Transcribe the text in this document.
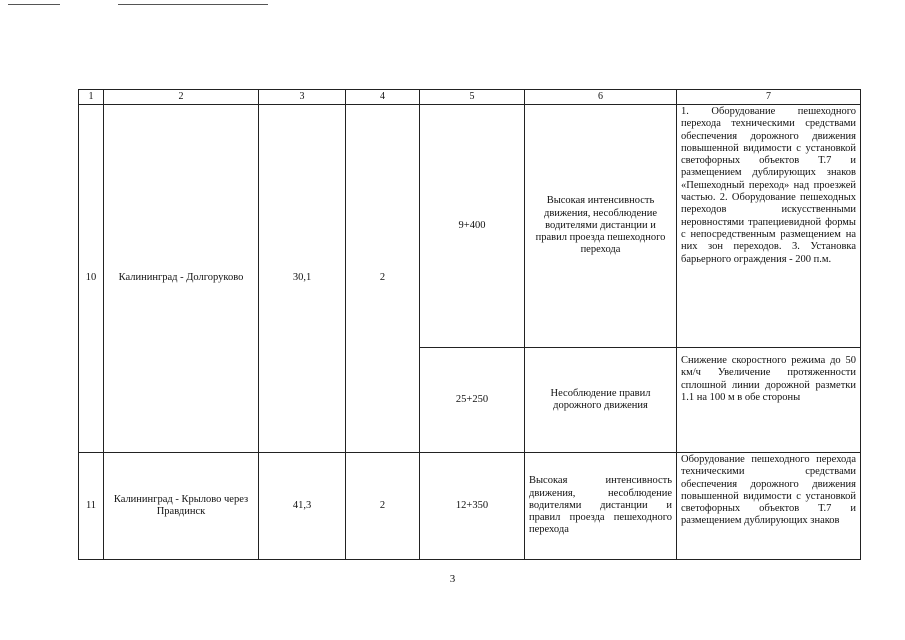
1	2	3	4	5	6	7
10	Калининград - Долгоруково	30,1	2	9+400	Высокая интенсивность движения, несоблюдение водителями дистанции и правил проезда пешеходного перехода	1. Оборудование пешеходного перехода техническими средствами обеспечения дорожного движения повышенной видимости с установкой светофорных объектов Т.7 и размещением дублирующих знаков «Пешеходный переход» над проезжей частью. 2. Оборудование пешеходных переходов искусственными неровностями трапециевидной формы с непосредственным размещением на них зон переходов. 3. Установка барьерного ограждения - 200 п.м.
				25+250	Несоблюдение правил дорожного движения	Снижение скоростного режима до 50 км/ч Увеличение протяженности сплошной линии дорожной разметки 1.1 на 100 м в обе стороны
11	Калининград - Крылово через Правдинск	41,3	2	12+350	Высокая интенсивность движения, несоблюдение водителями дистанции и правил проезда пешеходного перехода	Оборудование пешеходного перехода техническими средствами обеспечения дорожного движения повышенной видимости с установкой светофорных объектов Т.7 и размещением дублирующих знаков
3
